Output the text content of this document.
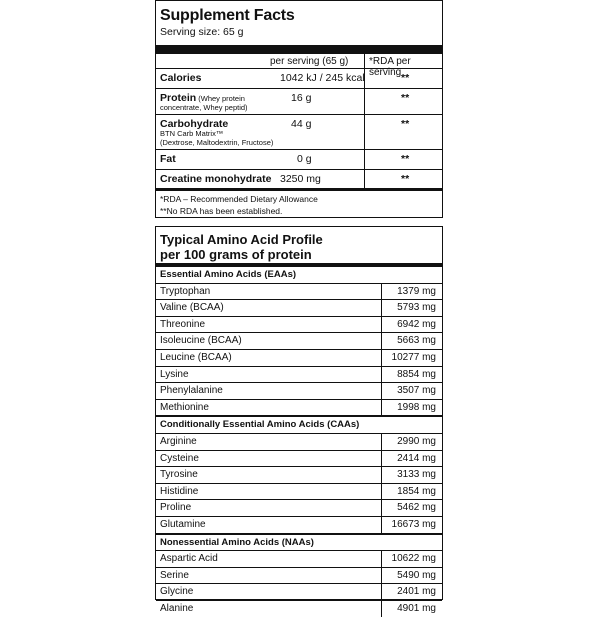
Supplement Facts
Serving size: 65 g
per serving (65 g) *RDA per serving
Calories	1042 kJ / 245 kcal	**
Protein (Whey protein
concentrate, Whey peptid)
16 g	**
Carbohydrate
BTN Carb Matrix™
(Dextrose, Maltodextrin, Fructose)
44 g	**
Fat	0 g	**
Creatine monohydrate 3250 mg	**
*RDA – Recommended Dietary Allowance
**No RDA has been established.
Typical Amino Acid Profile
per 100 grams of protein
Essential Amino Acids (EAAs)
Tryptophan	1379 mg
Valine (BCAA)	5793 mg
Threonine	6942 mg
Isoleucine (BCAA)	5663 mg
Leucine (BCAA)	10277 mg
Lysine	8854 mg
Phenylalanine	3507 mg
Methionine	1998 mg
Conditionally Essential Amino Acids (CAAs)
Arginine	2990 mg
Cysteine	2414 mg
Tyrosine	3133 mg
Histidine	1854 mg
Proline	5462 mg
Glutamine	16673 mg
Nonessential Amino Acids (NAAs)
Aspartic Acid	10622 mg
Serine	5490 mg
Glycine	2401 mg
Alanine	4901 mg
